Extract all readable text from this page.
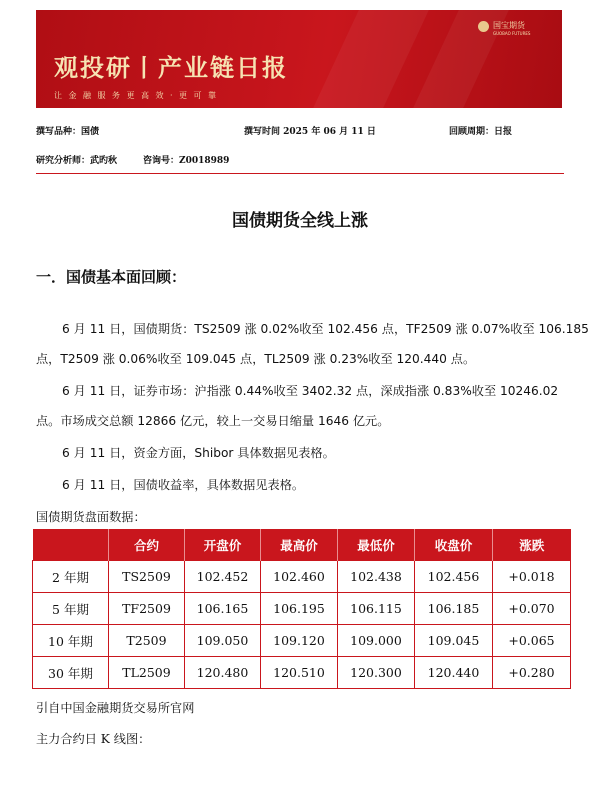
国宝期货
GUOBAO FUTURES
观投研丨产业链日报
让金融服务更高效·更可靠
撰写品种：国债	撰写时间 2025 年 06 月 11 日	回顾周期：日报
研究分析师：武旳秋	咨询号：Z0018989
国债期货全线上涨
一．国债基本面回顾：
6 月 11 日，国债期货：TS2509 涨 0.02%收至 102.456 点，TF2509 涨 0.07%收至 106.185
点，T2509 涨 0.06%收至 109.045 点，TL2509 涨 0.23%收至 120.440 点。
6 月 11 日，证券市场：沪指涨 0.44%收至 3402.32 点，深成指涨 0.83%收至 10246.02
点。市场成交总额 12866 亿元，较上一交易日缩量 1646 亿元。
6 月 11 日，资金方面，Shibor 具体数据见表格。
6 月 11 日，国债收益率，具体数据见表格。
国债期货盘面数据：
	合约	开盘价	最高价	最低价	收盘价	涨跌
2 年期	TS2509	102.452	102.460	102.438	102.456	+0.018
5 年期	TF2509	106.165	106.195	106.115	106.185	+0.070
10 年期	T2509	109.050	109.120	109.000	109.045	+0.065
30 年期	TL2509	120.480	120.510	120.300	120.440	+0.280
引自中国金融期货交易所官网
主力合约日 K 线图：
